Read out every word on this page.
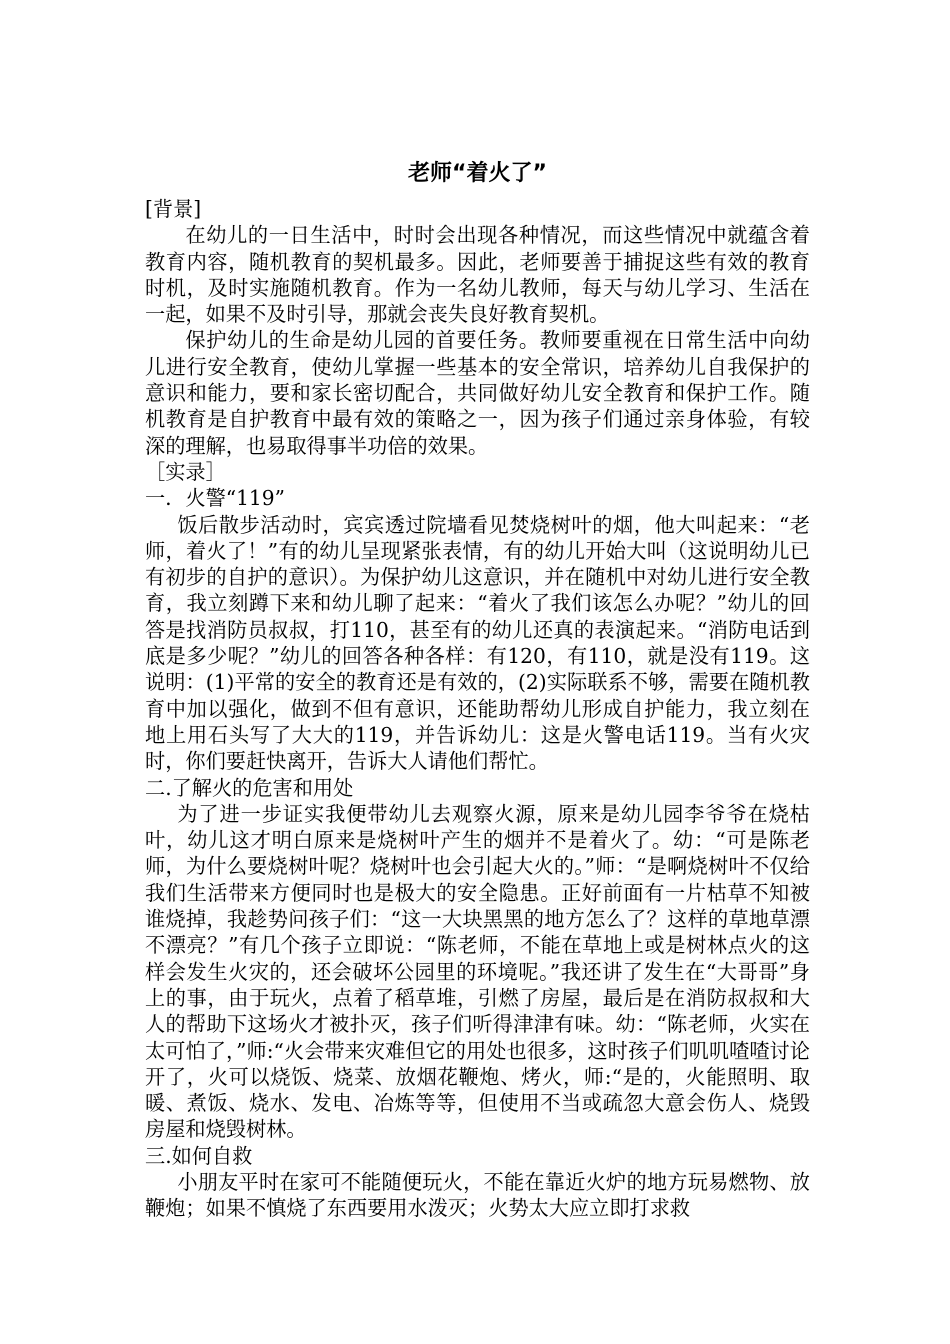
老师“着火了”

[背景]

在幼儿的一日生活中，时时会出现各种情况，而这些情况中就蕴含着教育内容，随机教育的契机最多。因此，老师要善于捕捉这些有效的教育时机，及时实施随机教育。作为一名幼儿教师，每天与幼儿学习、生活在一起，如果不及时引导，那就会丧失良好教育契机。

保护幼儿的生命是幼儿园的首要任务。教师要重视在日常生活中向幼儿进行安全教育，使幼儿掌握一些基本的安全常识，培养幼儿自我保护的意识和能力，要和家长密切配合，共同做好幼儿安全教育和保护工作。随机教育是自护教育中最有效的策略之一，因为孩子们通过亲身体验，有较深的理解，也易取得事半功倍的效果。

［实录］

一．火警“119”

饭后散步活动时，宾宾透过院墙看见焚烧树叶的烟，他大叫起来：“老师，着火了！”有的幼儿呈现紧张表情，有的幼儿开始大叫（这说明幼儿已有初步的自护的意识）。为保护幼儿这意识，并在随机中对幼儿进行安全教育，我立刻蹲下来和幼儿聊了起来：“着火了我们该怎么办呢？”幼儿的回答是找消防员叔叔，打110，甚至有的幼儿还真的表演起来。“消防电话到底是多少呢？”幼儿的回答各种各样：有120，有110，就是没有119。这说明：(1)平常的安全的教育还是有效的，(2)实际联系不够，需要在随机教育中加以强化，做到不但有意识，还能助帮幼儿形成自护能力，我立刻在地上用石头写了大大的119，并告诉幼儿：这是火警电话119。当有火灾时，你们要赶快离开，告诉大人请他们帮忙。

二.了解火的危害和用处

为了进一步证实我便带幼儿去观察火源，原来是幼儿园李爷爷在烧枯叶，幼儿这才明白原来是烧树叶产生的烟并不是着火了。幼：“可是陈老师，为什么要烧树叶呢？烧树叶也会引起大火的。”师：“是啊烧树叶不仅给我们生活带来方便同时也是极大的安全隐患。正好前面有一片枯草不知被谁烧掉，我趁势问孩子们：“这一大块黑黑的地方怎么了？这样的草地草漂不漂亮？”有几个孩子立即说：“陈老师，不能在草地上或是树林点火的这样会发生火灾的，还会破坏公园里的环境呢。”我还讲了发生在“大哥哥”身上的事，由于玩火，点着了稻草堆，引燃了房屋，最后是在消防叔叔和大人的帮助下这场火才被扑灭，孩子们听得津津有味。幼：“陈老师，火实在太可怕了，”师:“火会带来灾难但它的用处也很多，这时孩子们叽叽喳喳讨论开了，火可以烧饭、烧菜、放烟花鞭炮、烤火，师:“是的，火能照明、取暖、煮饭、烧水、发电、冶炼等等，但使用不当或疏忽大意会伤人、烧毁房屋和烧毁树林。

三.如何自救

小朋友平时在家可不能随便玩火，不能在靠近火炉的地方玩易燃物、放鞭炮；如果不慎烧了东西要用水泼灭；火势太大应立即打求救
